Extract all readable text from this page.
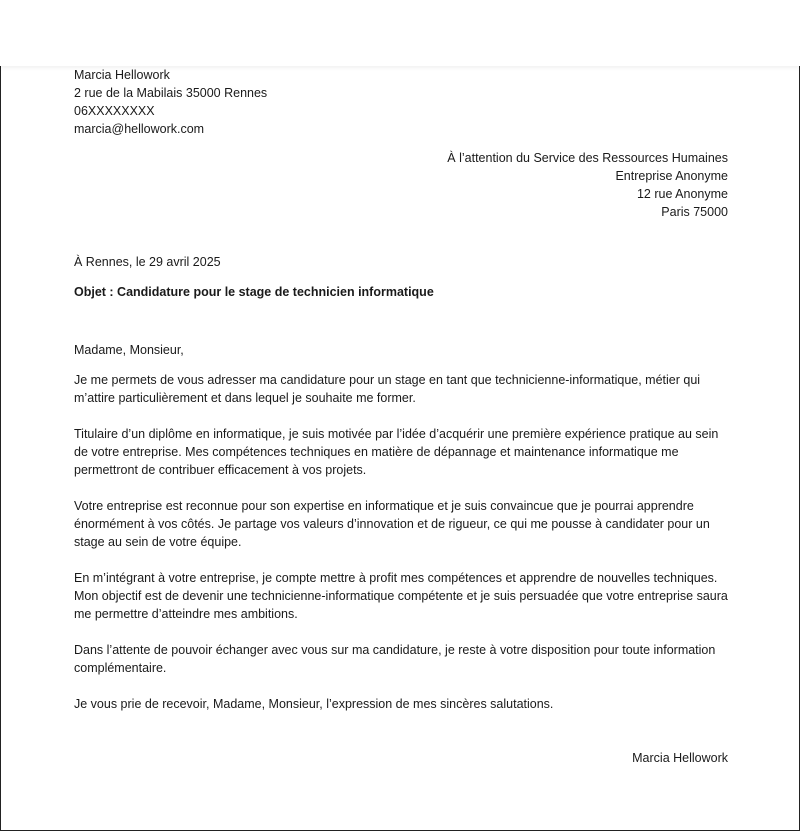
Marcia Hellowork
2 rue de la Mabilais 35000 Rennes
06XXXXXXXX
marcia@hellowork.com
À l’attention du Service des Ressources Humaines
Entreprise Anonyme
12 rue Anonyme
Paris 75000
À Rennes, le 29 avril 2025
Objet : Candidature pour le stage de technicien informatique
Madame, Monsieur,

Je me permets de vous adresser ma candidature pour un stage en tant que technicienne-informatique, métier qui m’attire particulièrement et dans lequel je souhaite me former.

Titulaire d’un diplôme en informatique, je suis motivée par l’idée d’acquérir une première expérience pratique au sein de votre entreprise. Mes compétences techniques en matière de dépannage et maintenance informatique me permettront de contribuer efficacement à vos projets.

Votre entreprise est reconnue pour son expertise en informatique et je suis convaincue que je pourrai apprendre énormément à vos côtés. Je partage vos valeurs d’innovation et de rigueur, ce qui me pousse à candidater pour un stage au sein de votre équipe.

En m’intégrant à votre entreprise, je compte mettre à profit mes compétences et apprendre de nouvelles techniques. Mon objectif est de devenir une technicienne-informatique compétente et je suis persuadée que votre entreprise saura me permettre d’atteindre mes ambitions.

Dans l’attente de pouvoir échanger avec vous sur ma candidature, je reste à votre disposition pour toute information complémentaire.

Je vous prie de recevoir, Madame, Monsieur, l’expression de mes sincères salutations.

Marcia Hellowork
